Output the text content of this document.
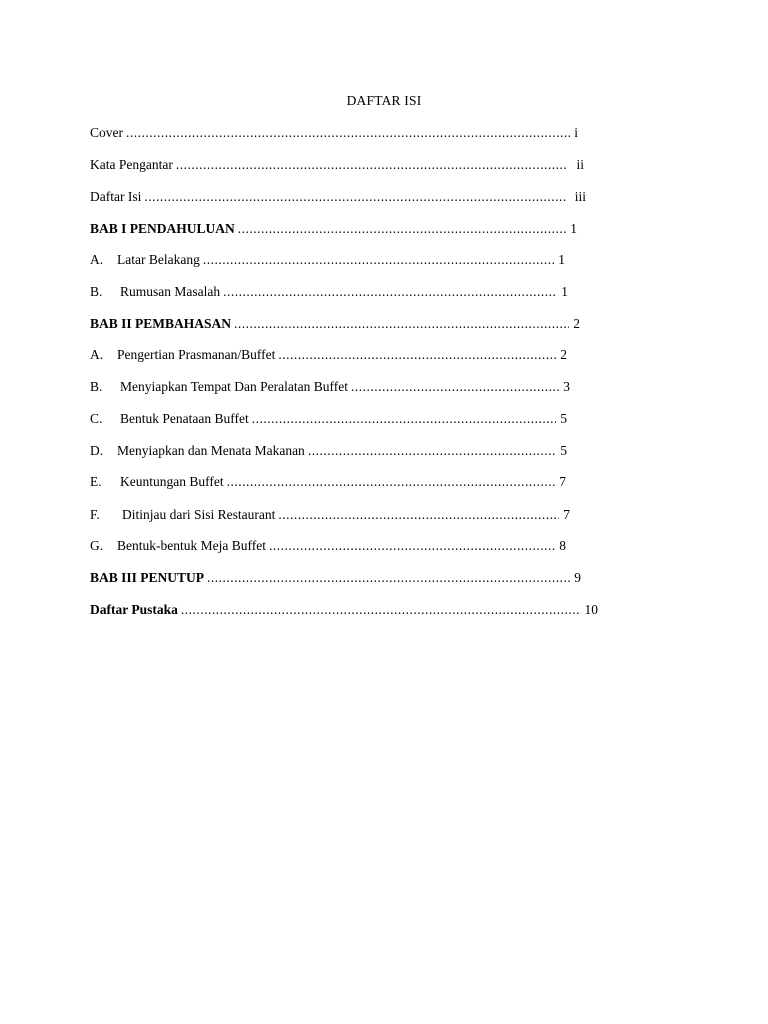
DAFTAR ISI
Cover .....	i
Kata Pengantar .....	ii
Daftar Isi .....	iii
BAB I PENDAHULUAN .....	1
A.	Latar Belakang .....	1
B.	Rumusan Masalah .....	1
BAB II PEMBAHASAN .....	2
A.	Pengertian Prasmanan/Buffet .....	2
B.	Menyiapkan Tempat Dan Peralatan Buffet .....	3
C.	Bentuk Penataan Buffet .....	5
D.	Menyiapkan dan Menata Makanan .....	5
E.	Keuntungan Buffet .....	7
F.	Ditinjau dari Sisi Restaurant .....	7
G.	Bentuk-bentuk Meja Buffet .....	8
BAB III PENUTUP .....	9
Daftar Pustaka .....	10
